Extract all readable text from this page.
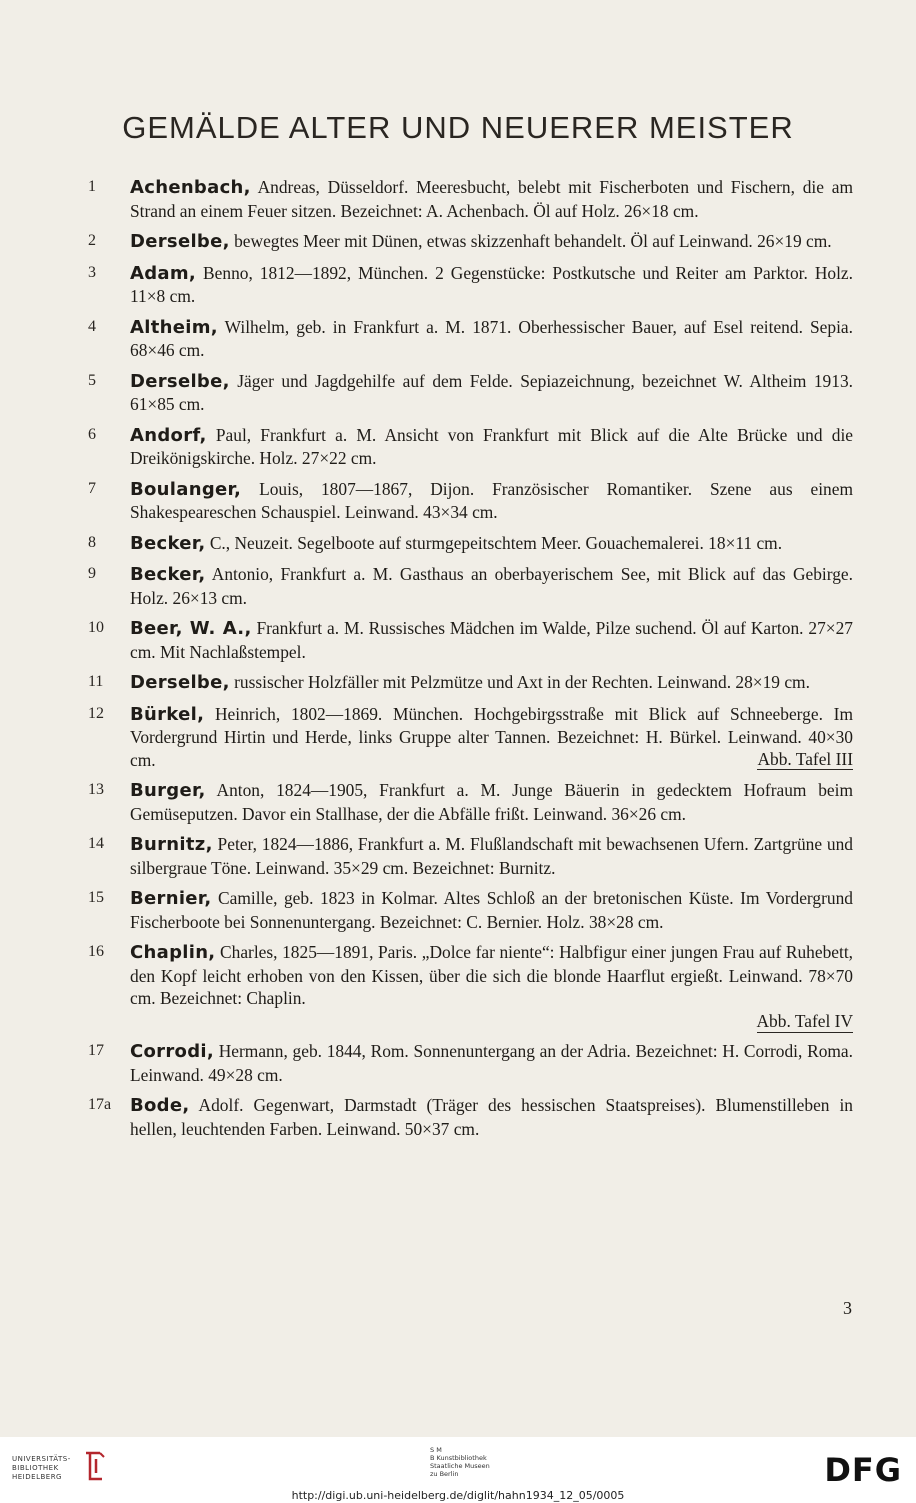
GEMÄLDE ALTER UND NEUERER MEISTER
1	Achenbach, Andreas, Düsseldorf. Meeresbucht, belebt mit Fischerboten und Fischern, die am Strand an einem Feuer sitzen. Bezeichnet: A. Achenbach. Öl auf Holz. 26×18 cm.
2	Derselbe, bewegtes Meer mit Dünen, etwas skizzenhaft behandelt. Öl auf Leinwand. 26×19 cm.
3	Adam, Benno, 1812—1892, München. 2 Gegenstücke: Postkutsche und Reiter am Parktor. Holz. 11×8 cm.
4	Altheim, Wilhelm, geb. in Frankfurt a. M. 1871. Oberhessischer Bauer, auf Esel reitend. Sepia. 68×46 cm.
5	Derselbe, Jäger und Jagdgehilfe auf dem Felde. Sepiazeichnung, bezeichnet W. Altheim 1913. 61×85 cm.
6	Andorf, Paul, Frankfurt a. M. Ansicht von Frankfurt mit Blick auf die Alte Brücke und die Dreikönigskirche. Holz. 27×22 cm.
7	Boulanger, Louis, 1807—1867, Dijon. Französischer Romantiker. Szene aus einem Shakespeareschen Schauspiel. Leinwand. 43×34 cm.
8	Becker, C., Neuzeit. Segelboote auf sturmgepeitschtem Meer. Gouachemalerei. 18×11 cm.
9	Becker, Antonio, Frankfurt a. M. Gasthaus an oberbayerischem See, mit Blick auf das Gebirge. Holz. 26×13 cm.
10	Beer, W. A., Frankfurt a. M. Russisches Mädchen im Walde, Pilze suchend. Öl auf Karton. 27×27 cm. Mit Nachlaßstempel.
11	Derselbe, russischer Holzfäller mit Pelzmütze und Axt in der Rechten. Leinwand. 28×19 cm.
12	Bürkel, Heinrich, 1802—1869. München. Hochgebirgsstraße mit Blick auf Schneeberge. Im Vordergrund Hirtin und Herde, links Gruppe alter Tannen. Bezeichnet: H. Bürkel. Leinwand. 40×30 cm.	Abb. Tafel III
13	Burger, Anton, 1824—1905, Frankfurt a. M. Junge Bäuerin in gedecktem Hofraum beim Gemüseputzen. Davor ein Stallhase, der die Abfälle frißt. Leinwand. 36×26 cm.
14	Burnitz, Peter, 1824—1886, Frankfurt a. M. Flußlandschaft mit bewachsenen Ufern. Zartgrüne und silbergraue Töne. Leinwand. 35×29 cm. Bezeichnet: Burnitz.
15	Bernier, Camille, geb. 1823 in Kolmar. Altes Schloß an der bretonischen Küste. Im Vordergrund Fischerboote bei Sonnenuntergang. Bezeichnet: C. Bernier. Holz. 38×28 cm.
16	Chaplin, Charles, 1825—1891, Paris. „Dolce far niente“: Halbfigur einer jungen Frau auf Ruhebett, den Kopf leicht erhoben von den Kissen, über die sich die blonde Haarflut ergießt. Leinwand. 78×70 cm. Bezeichnet: Chaplin.
Abb. Tafel IV
17	Corrodi, Hermann, geb. 1844, Rom. Sonnenuntergang an der Adria. Bezeichnet: H. Corrodi, Roma. Leinwand. 49×28 cm.
17a	Bode, Adolf. Gegenwart, Darmstadt (Träger des hessischen Staatspreises). Blumenstilleben in hellen, leuchtenden Farben. Leinwand. 50×37 cm.
3
UNIVERSITÄTS-
BIBLIOTHEK
HEIDELBERG
S M
B Kunstbibliothek
Staatliche Museen
zu Berlin	DFG
http://digi.ub.uni-heidelberg.de/diglit/hahn1934_12_05/0005
